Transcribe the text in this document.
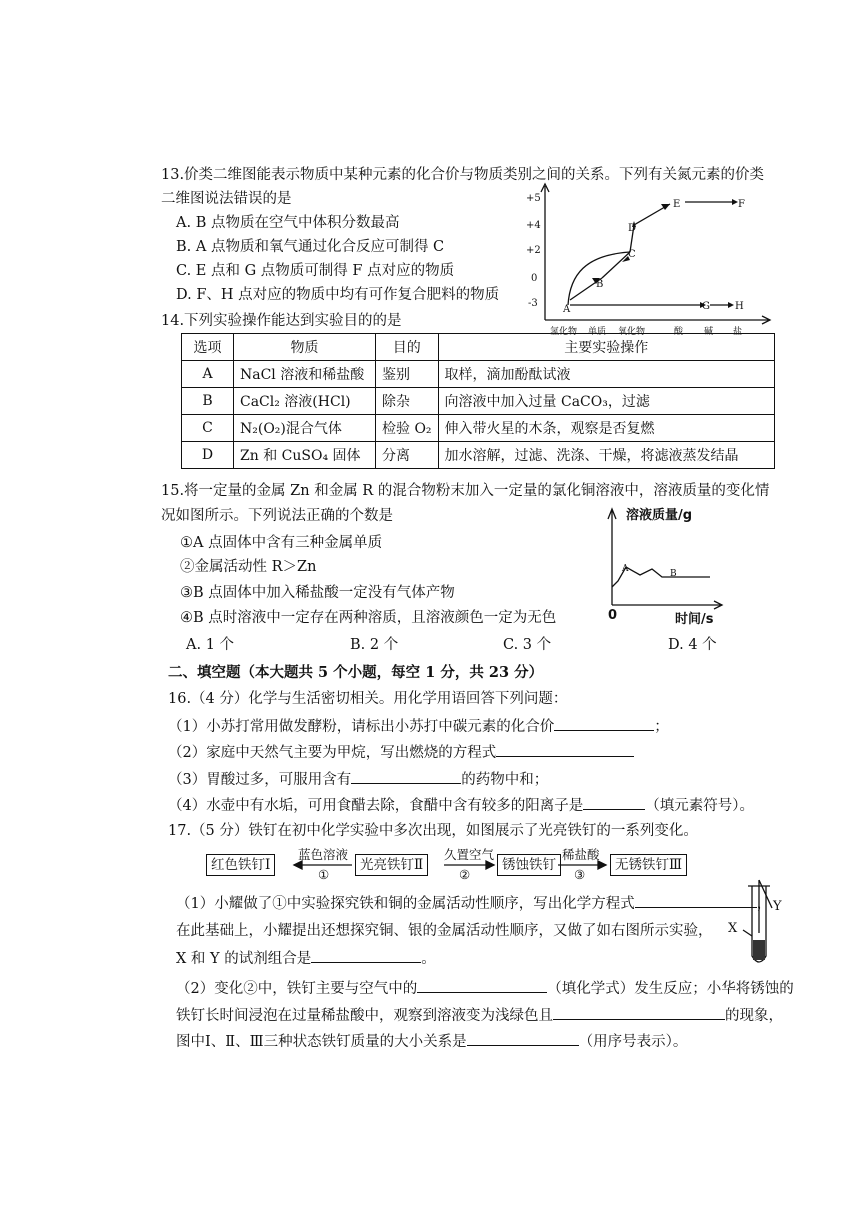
13.价类二维图能表示物质中某种元素的化合价与物质类别之间的关系。下列有关氮元素的价类
二维图说法错误的是
A. B 点物质在空气中体积分数最高
B. A 点物质和氧气通过化合反应可制得 C
C. E 点和 G 点物质可制得 F 点对应的物质
D. F、H 点对应的物质中均有可作复合肥料的物质
+5
+4
+2
0
-3
A
B
C
D
E	F
G	H
氢化物 单质 氧化物	酸 碱 盐
14.下列实验操作能达到实验目的的是
选项	物质	目的	主要实验操作
A	NaCl 溶液和稀盐酸	鉴别	取样，滴加酚酞试液
B	CaCl₂ 溶液(HCl)	除杂	向溶液中加入过量 CaCO₃，过滤
C	N₂(O₂)混合气体	检验 O₂	伸入带火星的木条，观察是否复燃
D	Zn 和 CuSO₄ 固体	分离	加水溶解，过滤、洗涤、干燥，将滤液蒸发结晶
15.将一定量的金属 Zn 和金属 R 的混合物粉末加入一定量的氯化铜溶液中，溶液质量的变化情
况如图所示。下列说法正确的个数是
①A 点固体中含有三种金属单质
②金属活动性 R＞Zn
③B 点固体中加入稀盐酸一定没有气体产物
④B 点时溶液中一定存在两种溶质，且溶液颜色一定为无色
A. 1 个	B. 2 个	C. 3 个	D. 4 个
溶液质量/g
时间/s
0
A	B
二、填空题（本大题共 5 个小题，每空 1 分，共 23 分）
16.（4 分）化学与生活密切相关。用化学用语回答下列问题：
（1）小苏打常用做发酵粉，请标出小苏打中碳元素的化合价	；
（2）家庭中天然气主要为甲烷，写出燃烧的方程式
（3）胃酸过多，可服用含有	的药物中和；
（4）水壶中有水垢，可用食醋去除，食醋中含有较多的阳离子是	（填元素符号）。
17.（5 分）铁钉在初中化学实验中多次出现，如图展示了光亮铁钉的一系列变化。
红色铁钉Ⅰ	光亮铁钉Ⅱ	锈蚀铁钉	无锈铁钉Ⅲ
蓝色溶液
①
久置空气
②
稀盐酸
③
（1）小耀做了①中实验探究铁和铜的金属活动性顺序，写出化学方程式	，
在此基础上，小耀提出还想探究铜、银的金属活动性顺序，又做了如右图所示实验，
X 和 Y 的试剂组合是	。
X
Y
（2）变化②中，铁钉主要与空气中的	（填化学式）发生反应；小华将锈蚀的
铁钉长时间浸泡在过量稀盐酸中，观察到溶液变为浅绿色且	的现象，
图中Ⅰ、Ⅱ、Ⅲ三种状态铁钉质量的大小关系是	（用序号表示）。
